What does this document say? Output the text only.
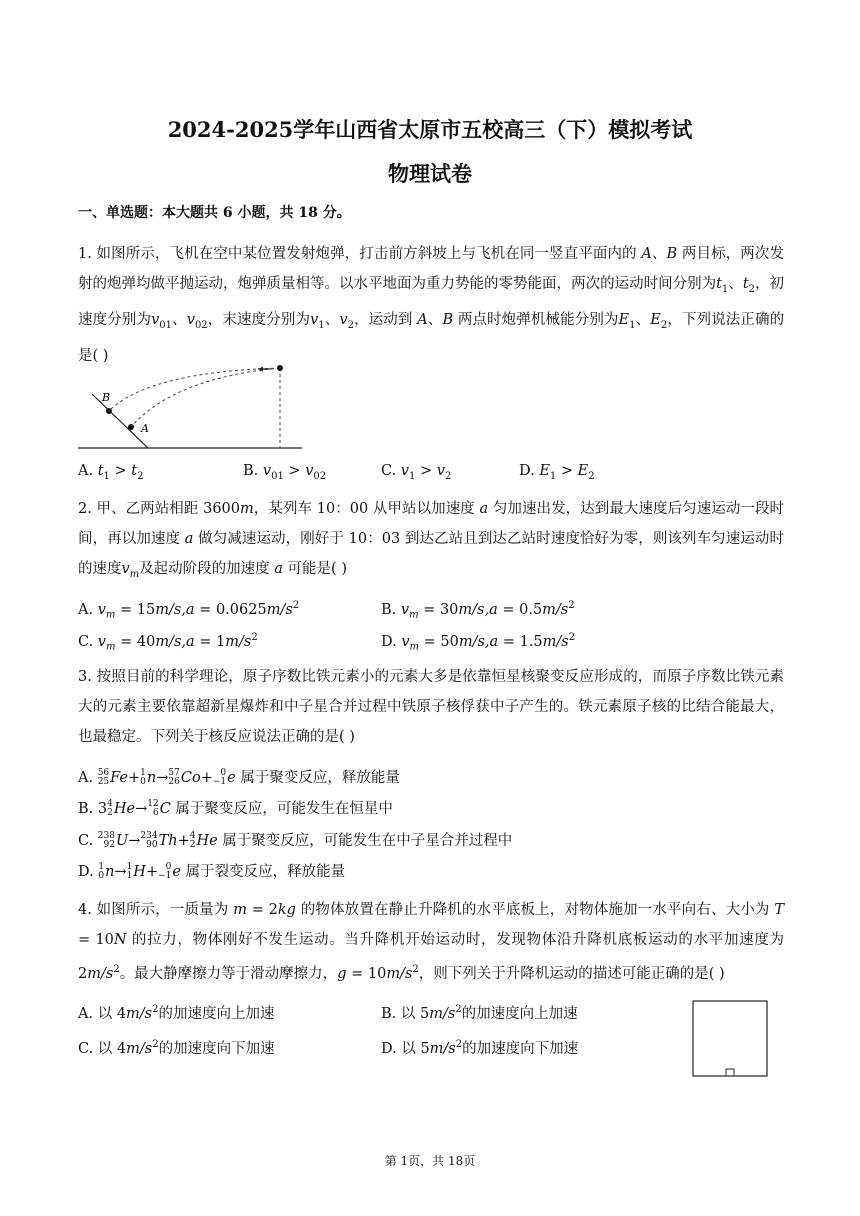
2024-2025学年山西省太原市五校高三（下）模拟考试
物理试卷
一、单选题：本大题共 6 小题，共 18 分。
1. 如图所示，飞机在空中某位置发射炮弹，打击前方斜坡上与飞机在同一竖直平面内的 A、B 两目标，两次发射的炮弹均做平抛运动，炮弹质量相等。以水平地面为重力势能的零势能面，两次的运动时间分别为$t_1$、$t_2$，初速度分别为$v_{01}$、$v_{02}$，末速度分别为$v_1$、$v_2$，运动到 A、B 两点时炮弹机械能分别为$E_1$、$E_2$，下列说法正确的是( )
B
A
A. $t_1 > t_2$	B. $v_{01} > v_{02}$	C. $v_1 > v_2$	D. $E_1 > E_2$
2. 甲、乙两站相距 3600m，某列车 10：00 从甲站以加速度 a 匀加速出发，达到最大速度后匀速运动一段时间，再以加速度 a 做匀减速运动，刚好于 10：03 到达乙站且到达乙站时速度恰好为零，则该列车匀速运动时的速度$v_m$及起动阶段的加速度 a 可能是( )
A. $v_m = 15m/s,a = 0.0625m/s^2$	B. $v_m = 30m/s,a = 0.5m/s^2$
C. $v_m = 40m/s,a = 1m/s^2$	D. $v_m = 50m/s,a = 1.5m/s^2$
3. 按照目前的科学理论，原子序数比铁元素小的元素大多是依靠恒星核聚变反应形成的，而原子序数比铁元素大的元素主要依靠超新星爆炸和中子星合并过程中铁原子核俘获中子产生的。铁元素原子核的比结合能最大，也最稳定。下列关于核反应说法正确的是( )
A. 56
25Fe+1
0n→57
26Co+ 0
−1e 属于聚变反应，释放能量
B. 34
2He→12
6C 属于聚变反应，可能发生在恒星中
C. 238
92U→234
90Th+4
2He 属于聚变反应，可能发生在中子星合并过程中
D. 1
0n→1
1H+ 0
−1e 属于裂变反应，释放能量
4. 如图所示，一质量为 m = 2kg 的物体放置在静止升降机的水平底板上，对物体施加一水平向右、大小为 T = 10N 的拉力，物体刚好不发生运动。当升降机开始运动时，发现物体沿升降机底板运动的水平加速度为 $2m/s^2$。最大静摩擦力等于滑动摩擦力，$g = 10m/s^2$，则下列关于升降机运动的描述可能正确的是( )
A. 以 $4m/s^2$的加速度向上加速	B. 以 $5m/s^2$的加速度向上加速
C. 以 $4m/s^2$的加速度向下加速	D. 以 $5m/s^2$的加速度向下加速
第 1页，共 18页
